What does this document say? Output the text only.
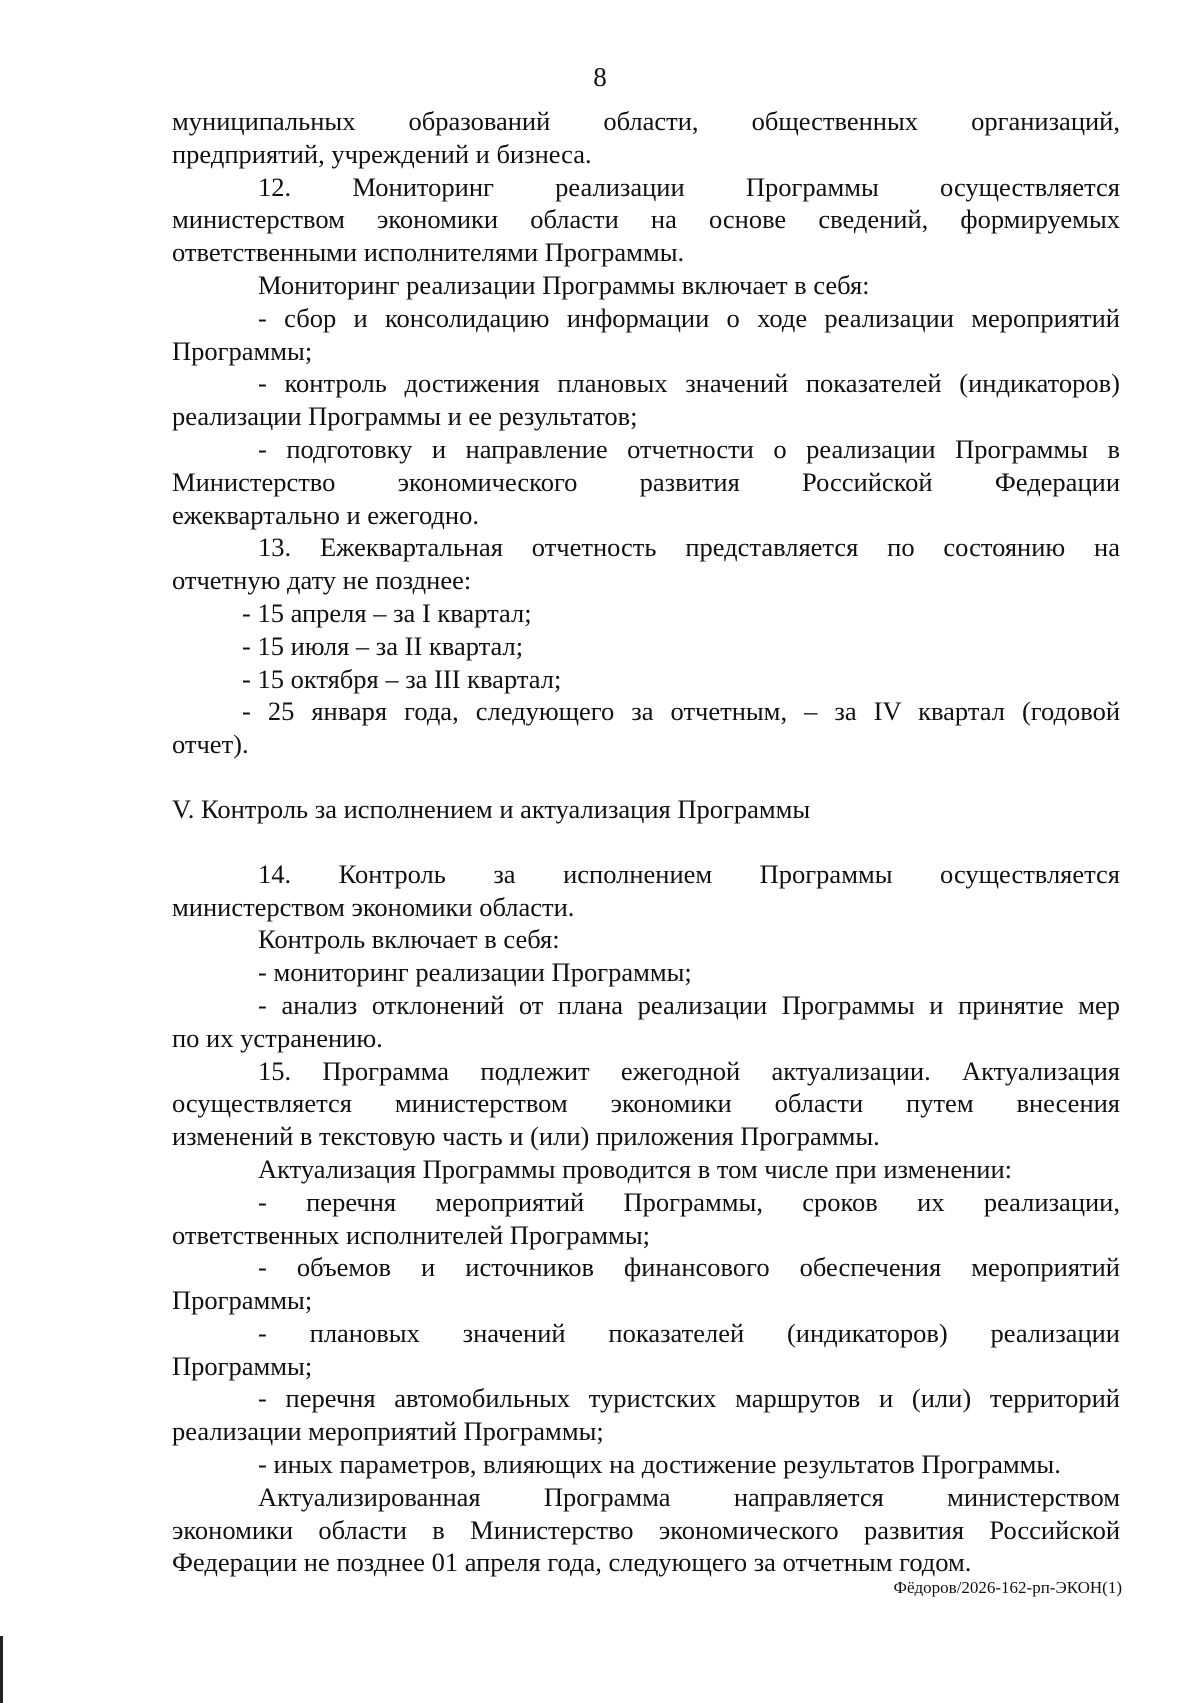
8
муниципальных образований области, общественных организаций,
предприятий, учреждений и бизнеса.
12. Мониторинг реализации Программы осуществляется
министерством экономики области на основе сведений, формируемых
ответственными исполнителями Программы.
Мониторинг реализации Программы включает в себя:
- сбор и консолидацию информации о ходе реализации мероприятий
Программы;
- контроль достижения плановых значений показателей (индикаторов)
реализации Программы и ее результатов;
- подготовку и направление отчетности о реализации Программы в
Министерство экономического развития Российской Федерации
ежеквартально и ежегодно.
13. Ежеквартальная отчетность представляется по состоянию на
отчетную дату не позднее:
- 15 апреля – за I квартал;
- 15 июля – за II квартал;
- 15 октября – за III квартал;
- 25 января года, следующего за отчетным, – за IV квартал (годовой
отчет).
V. Контроль за исполнением и актуализация Программы
14. Контроль за исполнением Программы осуществляется
министерством экономики области.
Контроль включает в себя:
- мониторинг реализации Программы;
- анализ отклонений от плана реализации Программы и принятие мер
по их устранению.
15. Программа подлежит ежегодной актуализации. Актуализация
осуществляется министерством экономики области путем внесения
изменений в текстовую часть и (или) приложения Программы.
Актуализация Программы проводится в том числе при изменении:
- перечня мероприятий Программы, сроков их реализации,
ответственных исполнителей Программы;
- объемов и источников финансового обеспечения мероприятий
Программы;
- плановых значений показателей (индикаторов) реализации
Программы;
- перечня автомобильных туристских маршрутов и (или) территорий
реализации мероприятий Программы;
- иных параметров, влияющих на достижение результатов Программы.
Актуализированная Программа направляется министерством
экономики области в Министерство экономического развития Российской
Федерации не позднее 01 апреля года, следующего за отчетным годом.
Фёдоров/2026-162-рп-ЭКОН(1)
